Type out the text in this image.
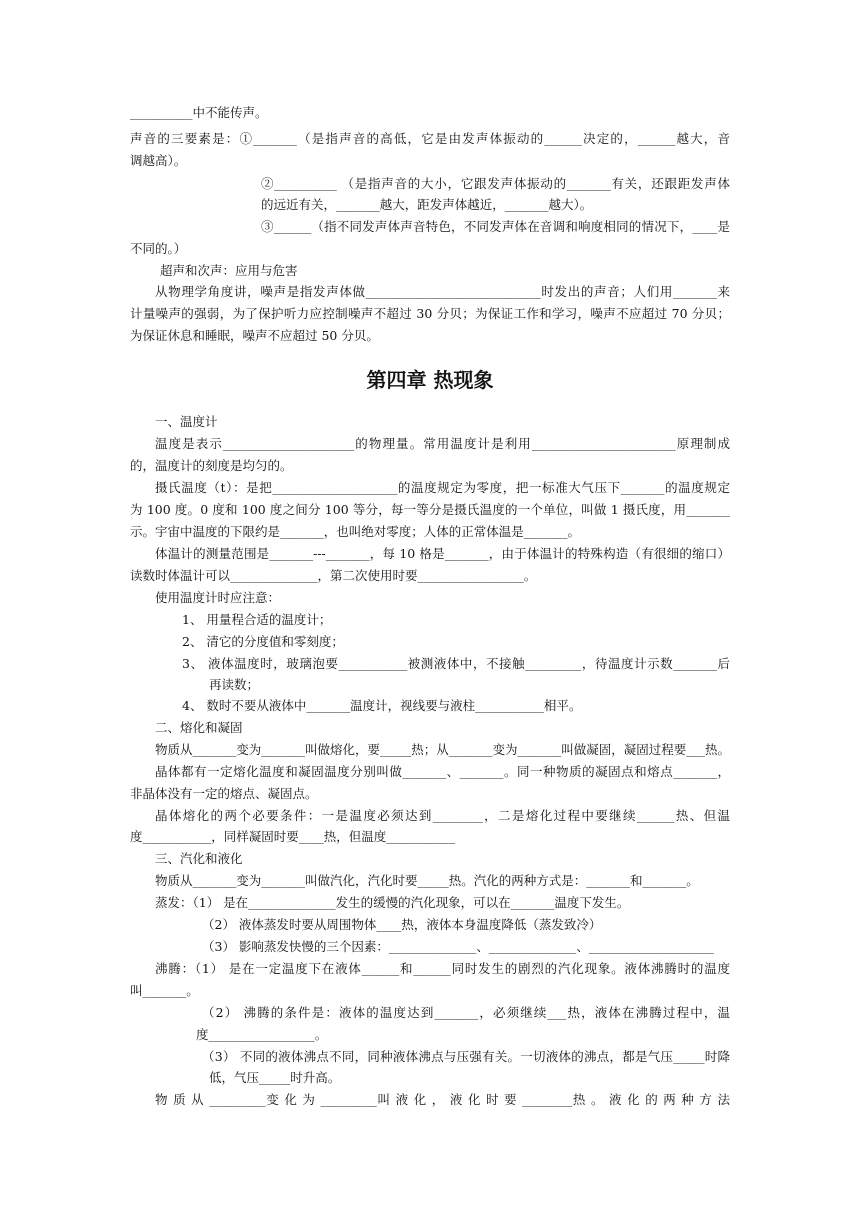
__________中不能传声。
声音的三要素是：①_______（是指声音的高低，它是由发声体振动的______决定的，______越大，音
调越高）。
②__________ （是指声音的大小，它跟发声体振动的_______有关，还跟距发声体
的远近有关，_______越大，距发声体越近，_______越大）。
③______（指不同发声体声音特色，不同发声体在音调和响度相同的情况下，____是
不同的。）
超声和次声：应用与危害
从物理学角度讲，噪声是指发声体做____________________________时发出的声音；人们用_______来
计量噪声的强弱，为了保护听力应控制噪声不超过 30 分贝；为保证工作和学习，噪声不应超过 70 分贝；
为保证休息和睡眠，噪声不应超过 50 分贝。
第四章 热现象
一、温度计
温度是表示_____________________的物理量。常用温度计是利用_______________________原理制成
的，温度计的刻度是均匀的。
摄氏温度（t）：是把____________________的温度规定为零度，把一标准大气压下_______的温度规定
为 100 度。0 度和 100 度之间分 100 等分，每一等分是摄氏温度的一个单位，叫做 1 摄氏度，用_______
示。宇宙中温度的下限约是_______，也叫绝对零度；人体的正常体温是_______。
体温计的测量范围是_______---_______，每 10 格是_______，由于体温计的特殊构造（有很细的缩口）
读数时体温计可以______________，第二次使用时要_________________。
使用温度计时应注意：
1、 用量程合适的温度计；
2、 清它的分度值和零刻度；
3、 液体温度时，玻璃泡要___________被测液体中，不接触_________，待温度计示数_______后
再读数；
4、 数时不要从液体中_______温度计，视线要与液柱___________相平。
二、熔化和凝固
物质从_______变为_______叫做熔化，要_____热；从_______变为_______叫做凝固，凝固过程要___热。
晶体都有一定熔化温度和凝固温度分别叫做_______、_______。同一种物质的凝固点和熔点_______，
非晶体没有一定的熔点、凝固点。
晶体熔化的两个必要条件：一是温度必须达到________，二是熔化过程中要继续______热、但温
度___________，同样凝固时要____热，但温度___________
三、汽化和液化
物质从_______变为_______叫做汽化，汽化时要_____热。汽化的两种方式是：_______和_______。
蒸发：（1） 是在______________发生的缓慢的汽化现象，可以在_______温度下发生。
（2） 液体蒸发时要从周围物体____热，液体本身温度降低（蒸发致冷）
（3） 影响蒸发快慢的三个因素：______________、______________、____________________
沸腾：（1） 是在一定温度下在液体______和______同时发生的剧烈的汽化现象。液体沸腾时的温度
叫_______。
（2） 沸腾的条件是：液体的温度达到_______，必须继续___热，液体在沸腾过程中，温
度_________________。
（3） 不同的液体沸点不同，同种液体沸点与压强有关。一切液体的沸点，都是气压_____时降
低，气压_____时升高。
物 质 从 _________变 化 为 _________叫 液 化 ， 液 化 时 要 ________热 。 液 化 的 两 种 方 法
